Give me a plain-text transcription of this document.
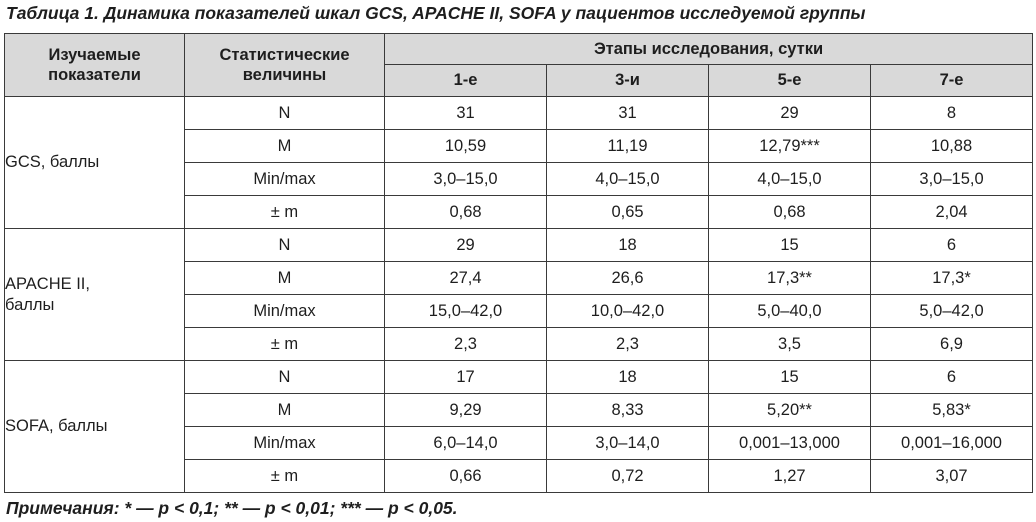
Таблица 1. Динамика показателей шкал GCS, APACHE II, SOFA у пациентов исследуемой группы
Изучаемые показатели	Статистические величины	Этапы исследования, сутки			
		1-е	3-и	5-е	7-е
GCS, баллы	N	31	31	29	8
	M	10,59	11,19	12,79***	10,88
	Min/max	3,0–15,0	4,0–15,0	4,0–15,0	3,0–15,0
	± m	0,68	0,65	0,68	2,04

APACHE II, баллы	N	29	18	15	6
	M	27,4	26,6	17,3**	17,3*
	Min/max	15,0–42,0	10,0–42,0	5,0–40,0	5,0–42,0
	± m	2,3	2,3	3,5	6,9
SOFA, баллы	N	17	18	15	6
	M	9,29	8,33	5,20**	5,83*
	Min/max	6,0–14,0	3,0–14,0	0,001–13,000	0,001–16,000
	± m	0,66	0,72	1,27	3,07
Примечания: * — p < 0,1; ** — p < 0,01; *** — p < 0,05.
